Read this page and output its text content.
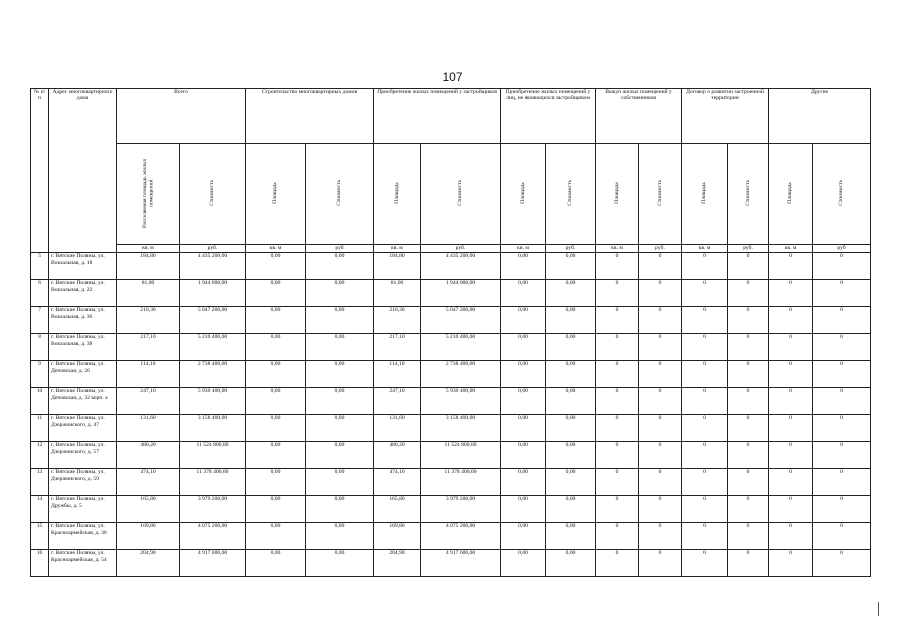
107
№ п/п	Адрес многоквартирного дома	Всего		Строительство многоквартирных домов		Приобретение жилых помещений у застройщиков		Приобретение жилых помещений у лиц, не являющихся застройщиком		Выкуп жилых помещений у собственников		Договор о развитии застроенной территории		Другие	
		Расселяемая площадь жилых помещений	Стоимость	Площадь	Стоимость	Площадь	Стоимость	Площадь	Стоимость	Площадь	Стоимость	Площадь	Стоимость	Площадь	Стоимость
		кв. м	руб.	кв. м	руб	кв. м	руб.	кв. м	руб.	кв. м	руб.	кв. м	руб.	кв. м	руб
5	г. Вятские Поляны, ул. Вокзальная, д. 18	184,80	4 435 200,00	0,00	0,00	184,80	4 435 200,00	0,00	0,00	0	0	0	0	0	0
6	г. Вятские Поляны, ул. Вокзальная, д. 22	81,00	1 944 000,00	0,00	0,00	81,00	1 944 000,00	0,00	0,00	0	0	0	0	0	0
7	г. Вятские Поляны, ул. Вокзальная, д. 36	210,30	5 047 200,00	0,00	0,00	210,30	5 047 200,00	0,00	0,00	0	0	0	0	0	0
8	г. Вятские Поляны, ул. Вокзальная, д. 38	217,10	5 210 400,00	0,00	0,00	217,10	5 210 400,00	0,00	0,00	0	0	0	0	0	0
9	г. Вятские Поляны, ул. Деповская, д. 26	114,10	2 738 400,00	0,00	0,00	114,10	2 738 400,00	0,00	0,00	0	0	0	0	0	0
10	г. Вятские Поляны, ул. Деповская, д. 32 корп. а	247,10	5 930 400,00	0,00	0,00	247,10	5 930 400,00	0,00	0,00	0	0	0	0	0	0
11	г. Вятские Поляны, ул. Дзержинского, д. 47	131,60	3 158 400,00	0,00	0,00	131,60	3 158 400,00	0,00	0,00	0	0	0	0	0	0
12	г. Вятские Поляны, ул. Дзержинского, д. 57	480,20	11 524 800,00	0,00	0,00	480,20	11 524 800,00	0,00	0,00	0	0	0	0	0	0
13	г. Вятские Поляны, ул. Дзержинского, д. 59	474,10	11 378 400,00	0,00	0,00	474,10	11 378 400,00	0,00	0,00	0	0	0	0	0	0
14	г. Вятские Поляны, ул. Дружбы, д. 5	165,80	3 979 200,00	0,00	0,00	165,80	3 979 200,00	0,00	0,00	0	0	0	0	0	0
15	г. Вятские Поляны, ул. Красноармейская, д. 36	169,80	4 075 200,00	0,00	0,00	169,80	4 075 200,00	0,00	0,00	0	0	0	0	0	0
16	г. Вятские Поляны, ул. Красноармейская, д. 54	204,90	4 917 600,00	0,00	0,00	204,90	4 917 600,00	0,00	0,00	0	0	0	0	0	0
